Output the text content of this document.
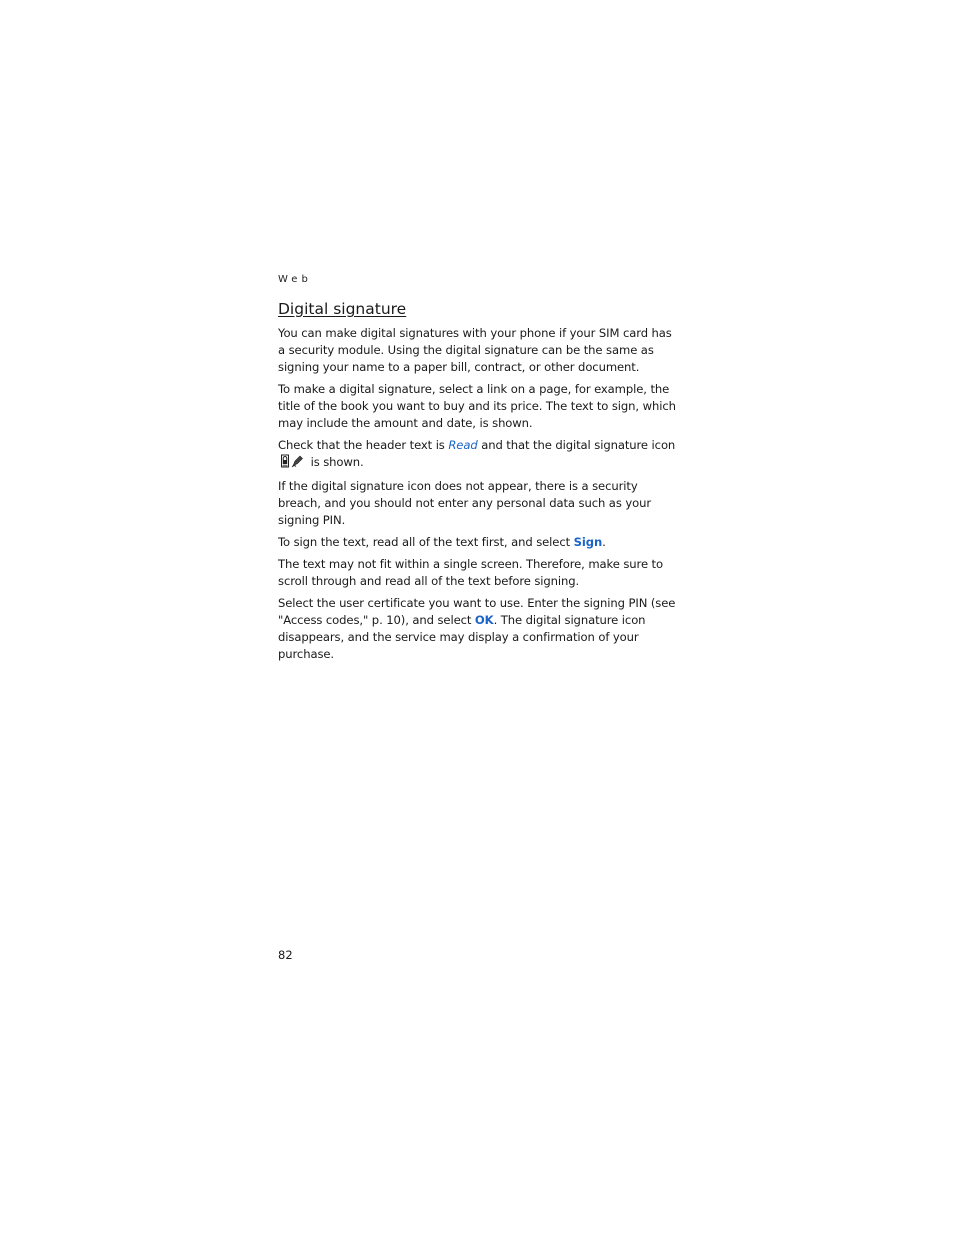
Web
Digital signature

You can make digital signatures with your phone if your SIM card has a security module. Using the digital signature can be the same as signing your name to a paper bill, contract, or other document.

To make a digital signature, select a link on a page, for example, the title of the book you want to buy and its price. The text to sign, which may include the amount and date, is shown.

Check that the header text is Read and that the digital signature icon
is shown.

If the digital signature icon does not appear, there is a security breach, and you should not enter any personal data such as your signing PIN.

To sign the text, read all of the text first, and select Sign.

The text may not fit within a single screen. Therefore, make sure to scroll through and read all of the text before signing.

Select the user certificate you want to use. Enter the signing PIN (see "Access codes," p. 10), and select OK. The digital signature icon disappears, and the service may display a confirmation of your purchase.

82
